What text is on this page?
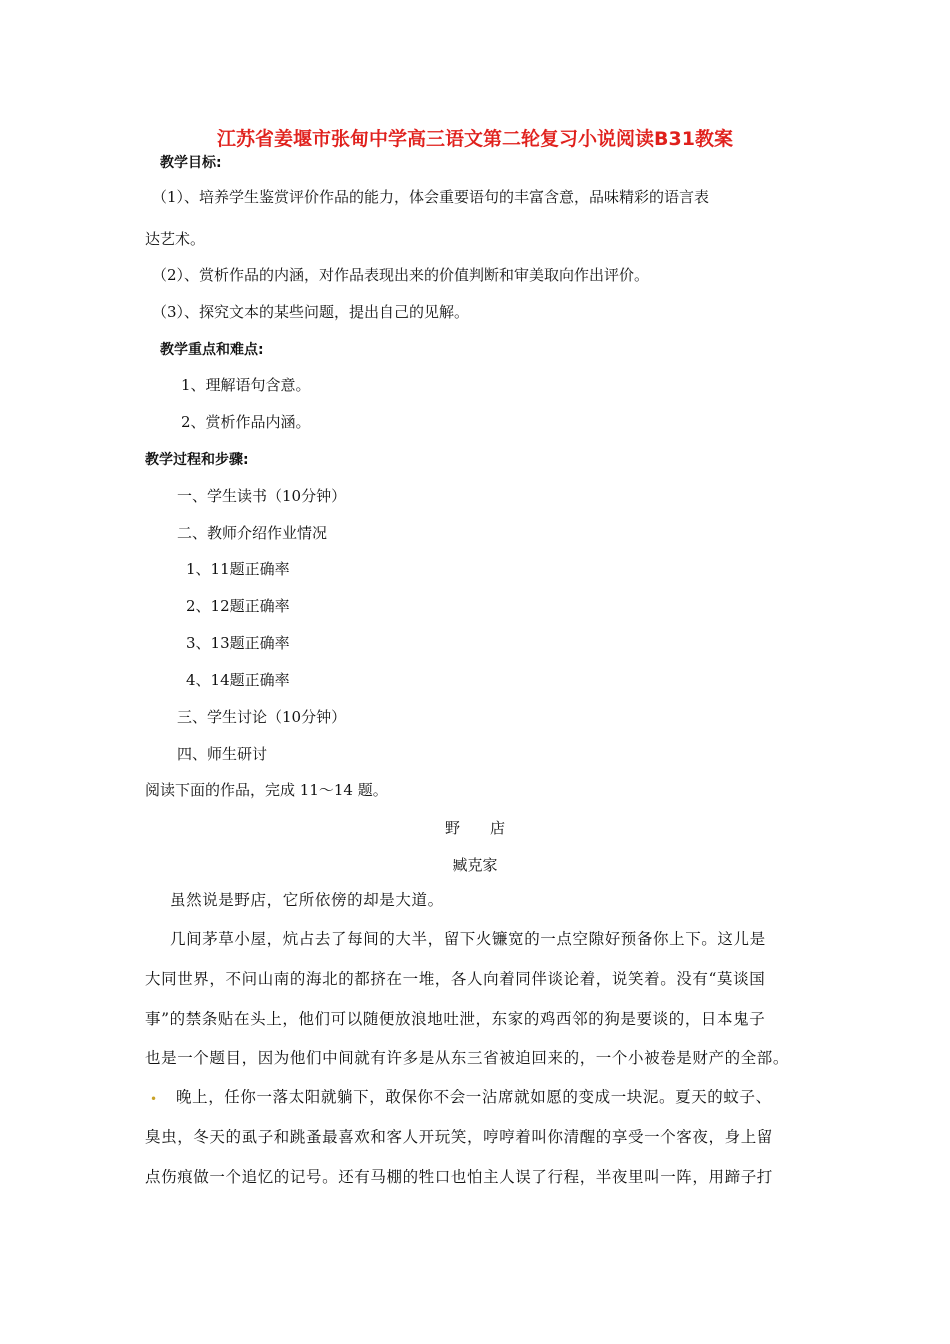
江苏省姜堰市张甸中学高三语文第二轮复习小说阅读B31教案
教学目标:
（1）、培养学生鉴赏评价作品的能力，体会重要语句的丰富含意，品味精彩的语言表
达艺术。
（2）、赏析作品的内涵，对作品表现出来的价值判断和审美取向作出评价。
（3）、探究文本的某些问题，提出自己的见解。
教学重点和难点:
1、理解语句含意。
2、赏析作品内涵。
教学过程和步骤:
一、学生读书（10分钟）
二、教师介绍作业情况
1、11题正确率
2、12题正确率
3、13题正确率
4、14题正确率
三、学生讨论（10分钟）
四、师生研讨
阅读下面的作品，完成 11～14 题。
野　　店
臧克家
虽然说是野店，它所依傍的却是大道。
几间茅草小屋，炕占去了每间的大半，留下火镰宽的一点空隙好预备你上下。这儿是
大同世界，不问山南的海北的都挤在一堆，各人向着同伴谈论着，说笑着。没有“莫谈国
事”的禁条贴在头上，他们可以随便放浪地吐泄，东家的鸡西邻的狗是要谈的，日本鬼子
也是一个题目，因为他们中间就有许多是从东三省被迫回来的，一个小被卷是财产的全部。
• 晚上，任你一落太阳就躺下，敢保你不会一沾席就如愿的变成一块泥。夏天的蚊子、
臭虫，冬天的虱子和跳蚤最喜欢和客人开玩笑，哼哼着叫你清醒的享受一个客夜，身上留
点伤痕做一个追忆的记号。还有马棚的牲口也怕主人误了行程，半夜里叫一阵，用蹄子打
